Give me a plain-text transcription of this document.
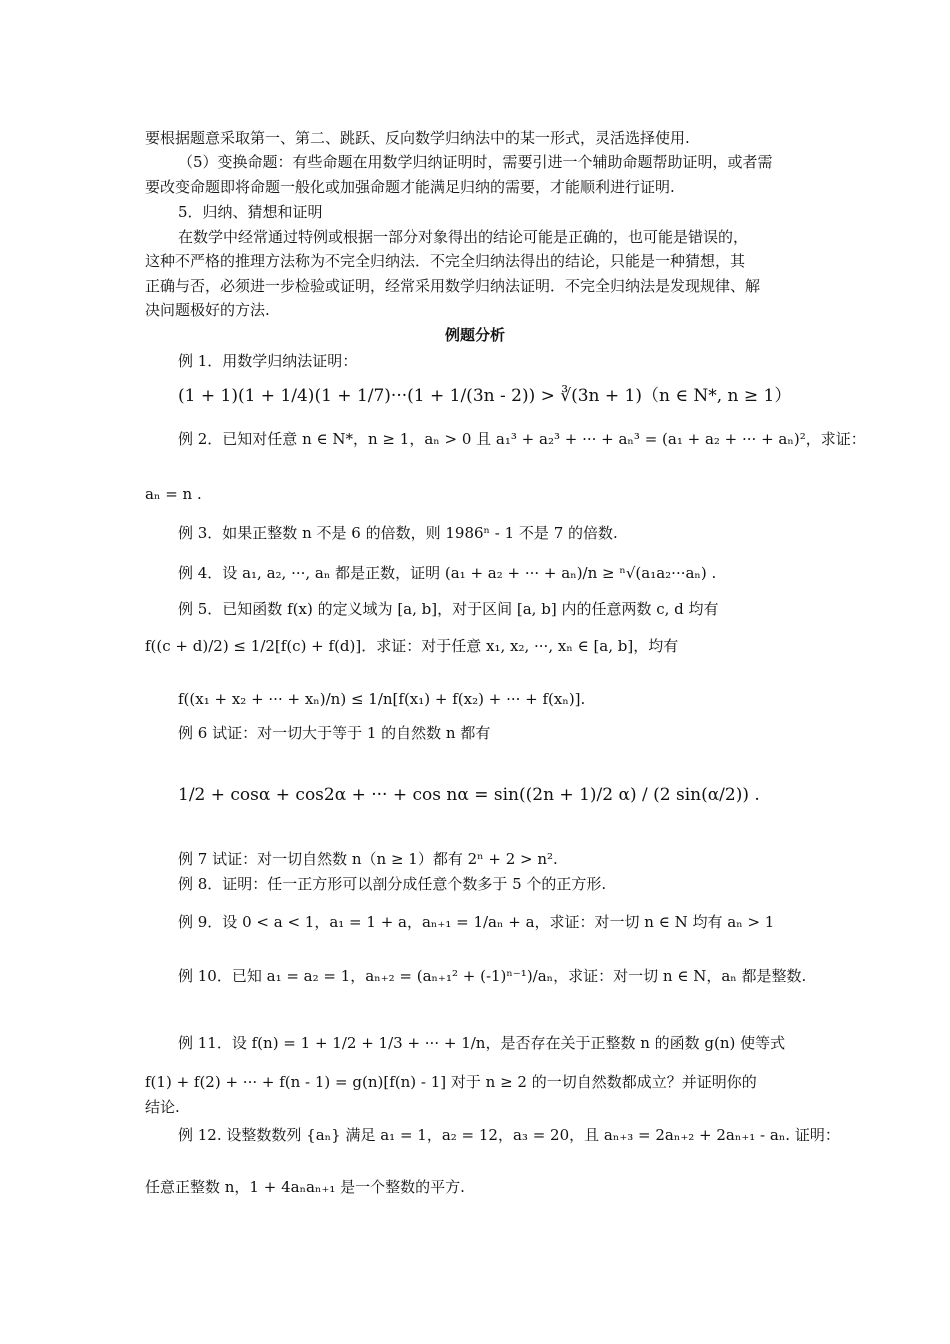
要根据题意采取第一、第二、跳跃、反向数学归纳法中的某一形式，灵活选择使用.
（5）变换命题：有些命题在用数学归纳证明时，需要引进一个辅助命题帮助证明，或者需
要改变命题即将命题一般化或加强命题才能满足归纳的需要，才能顺利进行证明.
5．归纳、猜想和证明
在数学中经常通过特例或根据一部分对象得出的结论可能是正确的，也可能是错误的，
这种不严格的推理方法称为不完全归纳法．不完全归纳法得出的结论，只能是一种猜想，其
正确与否，必须进一步检验或证明，经常采用数学归纳法证明．不完全归纳法是发现规律、解
决问题极好的方法.
例题分析
例 1．用数学归纳法证明：
(1 + 1)(1 + 1/4)(1 + 1/7)···(1 + 1/(3n - 2)) > ∛(3n + 1)（n ∈ N*, n ≥ 1）
例 2．已知对任意 n ∈ N*，n ≥ 1，aₙ > 0 且 a₁³ + a₂³ + ··· + aₙ³ = (a₁ + a₂ + ··· + aₙ)²，求证：
aₙ = n .
例 3．如果正整数 n 不是 6 的倍数，则 1986ⁿ - 1 不是 7 的倍数.
例 4．设 a₁, a₂, ···, aₙ 都是正数，证明 (a₁ + a₂ + ··· + aₙ)/n ≥ ⁿ√(a₁a₂···aₙ) .
例 5．已知函数 f(x) 的定义域为 [a, b]，对于区间 [a, b] 内的任意两数 c, d 均有
f((c + d)/2) ≤ 1/2[f(c) + f(d)]．求证：对于任意 x₁, x₂, ···, xₙ ∈ [a, b]，均有
f((x₁ + x₂ + ··· + xₙ)/n) ≤ 1/n[f(x₁) + f(x₂) + ··· + f(xₙ)].
例 6 试证：对一切大于等于 1 的自然数 n 都有
1/2 + cosα + cos2α + ··· + cos nα = sin((2n + 1)/2 α) / (2 sin(α/2)) .
例 7 试证：对一切自然数 n（n ≥ 1）都有 2ⁿ + 2 > n².
例 8．证明：任一正方形可以剖分成任意个数多于 5 个的正方形.
例 9．设 0 < a < 1，a₁ = 1 + a，aₙ₊₁ = 1/aₙ + a，求证：对一切 n ∈ N 均有 aₙ > 1
例 10．已知 a₁ = a₂ = 1，aₙ₊₂ = (aₙ₊₁² + (-1)ⁿ⁻¹)/aₙ，求证：对一切 n ∈ N，aₙ 都是整数.
例 11．设 f(n) = 1 + 1/2 + 1/3 + ··· + 1/n，是否存在关于正整数 n 的函数 g(n) 使等式
f(1) + f(2) + ··· + f(n - 1) = g(n)[f(n) - 1] 对于 n ≥ 2 的一切自然数都成立？并证明你的
结论.
例 12. 设整数数列 {aₙ} 满足 a₁ = 1，a₂ = 12，a₃ = 20，且 aₙ₊₃ = 2aₙ₊₂ + 2aₙ₊₁ - aₙ. 证明：
任意正整数 n，1 + 4aₙaₙ₊₁ 是一个整数的平方.
